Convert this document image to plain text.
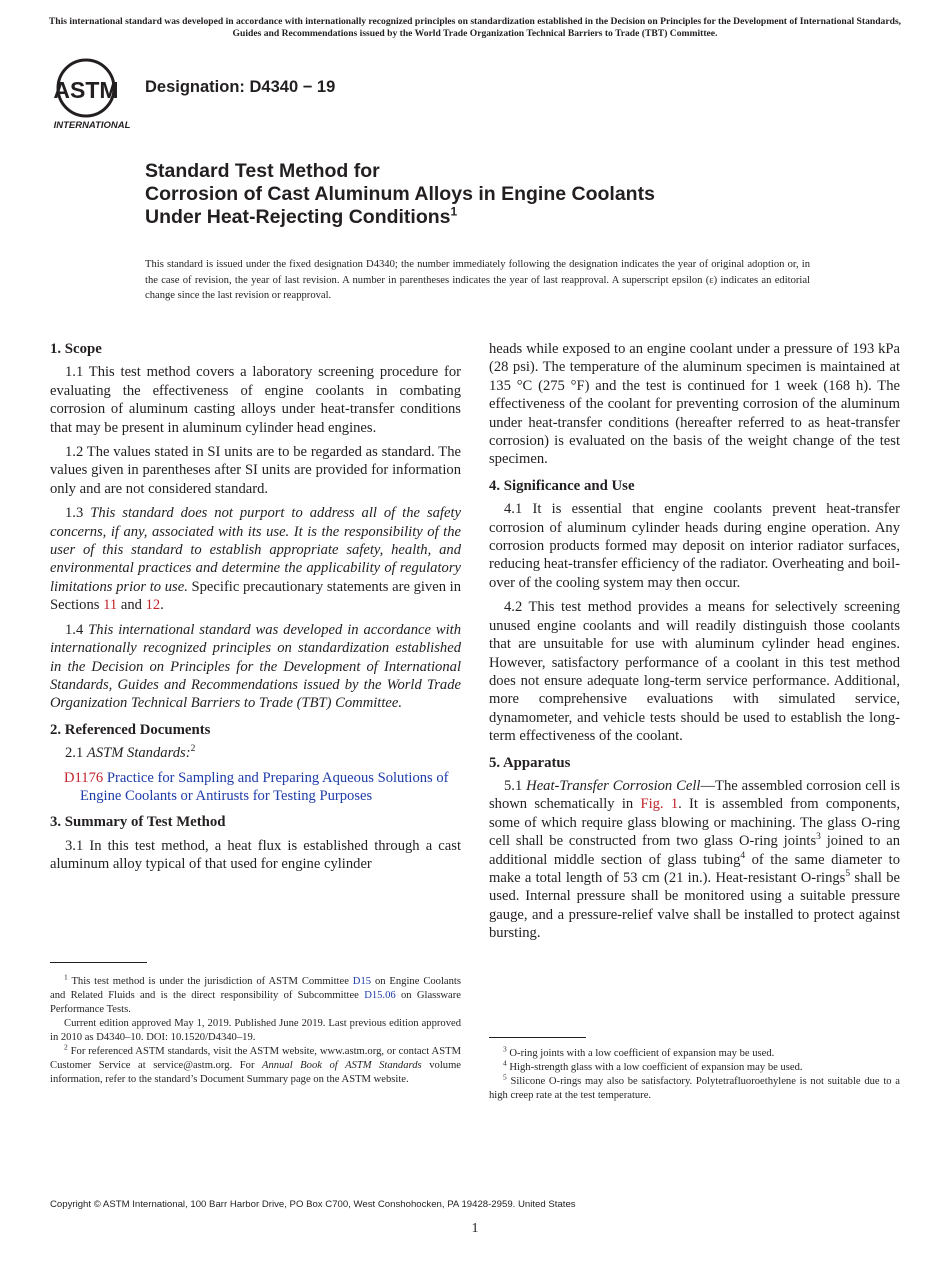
This international standard was developed in accordance with internationally recognized principles on standardization established in the Decision on Principles for the Development of International Standards, Guides and Recommendations issued by the World Trade Organization Technical Barriers to Trade (TBT) Committee.
ASTM
INTERNATIONAL
Designation: D4340 − 19
Standard Test Method for
Corrosion of Cast Aluminum Alloys in Engine Coolants
Under Heat-Rejecting Conditions$^1$
This standard is issued under the fixed designation D4340; the number immediately following the designation indicates the year of original adoption or, in the case of revision, the year of last revision. A number in parentheses indicates the year of last reapproval. A superscript epsilon (ε) indicates an editorial change since the last revision or reapproval.
1. Scope

1.1 This test method covers a laboratory screening procedure for evaluating the effectiveness of engine coolants in combating corrosion of aluminum casting alloys under heat-transfer conditions that may be present in aluminum cylinder head engines.

1.2 The values stated in SI units are to be regarded as standard. The values given in parentheses after SI units are provided for information only and are not considered standard.

1.3 This standard does not purport to address all of the safety concerns, if any, associated with its use. It is the responsibility of the user of this standard to establish appropriate safety, health, and environmental practices and determine the applicability of regulatory limitations prior to use. Specific precautionary statements are given in Sections 11 and 12.

1.4 This international standard was developed in accordance with internationally recognized principles on standardization established in the Decision on Principles for the Development of International Standards, Guides and Recommendations issued by the World Trade Organization Technical Barriers to Trade (TBT) Committee.

2. Referenced Documents

2.1 ASTM Standards:$^2$

D1176 Practice for Sampling and Preparing Aqueous Solutions of Engine Coolants or Antirusts for Testing Purposes
3. Summary of Test Method

3.1 In this test method, a heat flux is established through a cast aluminum alloy typical of that used for engine cylinder

heads while exposed to an engine coolant under a pressure of 193 kPa (28 psi). The temperature of the aluminum specimen is maintained at 135 °C (275 °F) and the test is continued for 1 week (168 h). The effectiveness of the coolant for preventing corrosion of the aluminum under heat-transfer conditions (hereafter referred to as heat-transfer corrosion) is evaluated on the basis of the weight change of the test specimen.

4. Significance and Use

4.1 It is essential that engine coolants prevent heat-transfer corrosion of aluminum cylinder heads during engine operation. Any corrosion products formed may deposit on interior radiator surfaces, reducing heat-transfer efficiency of the radiator. Overheating and boil-over of the cooling system may then occur.

4.2 This test method provides a means for selectively screening unused engine coolants and will readily distinguish those coolants that are unsuitable for use with aluminum cylinder head engines. However, satisfactory performance of a coolant in this test method does not ensure adequate long-term service performance. Additional, more comprehensive evaluations with simulated service, dynamometer, and vehicle tests should be used to establish the long-term effectiveness of the coolant.

5. Apparatus

5.1 Heat-Transfer Corrosion Cell—The assembled corrosion cell is shown schematically in Fig. 1. It is assembled from components, some of which require glass blowing or machining. The glass O-ring cell shall be constructed from two glass O-ring joints$^3$ joined to an additional middle section of glass tubing$^4$ of the same diameter to make a total length of 53 cm (21 in.). Heat-resistant O-rings$^5$ shall be used. Internal pressure shall be monitored using a suitable pressure gauge, and a pressure-relief valve shall be installed to protect against bursting.

$^1$ This test method is under the jurisdiction of ASTM Committee D15 on Engine Coolants and Related Fluids and is the direct responsibility of Subcommittee D15.06 on Glassware Performance Tests.

Current edition approved May 1, 2019. Published June 2019. Last previous edition approved in 2010 as D4340–10. DOI: 10.1520/D4340–19.

$^2$ For referenced ASTM standards, visit the ASTM website, www.astm.org, or contact ASTM Customer Service at service@astm.org. For Annual Book of ASTM Standards volume information, refer to the standard’s Document Summary page on the ASTM website.

$^3$ O-ring joints with a low coefficient of expansion may be used.

$^4$ High-strength glass with a low coefficient of expansion may be used.

$^5$ Silicone O-rings may also be satisfactory. Polytetrafluoroethylene is not suitable due to a high creep rate at the test temperature.

Copyright © ASTM International, 100 Barr Harbor Drive, PO Box C700, West Conshohocken, PA 19428-2959. United States
1
